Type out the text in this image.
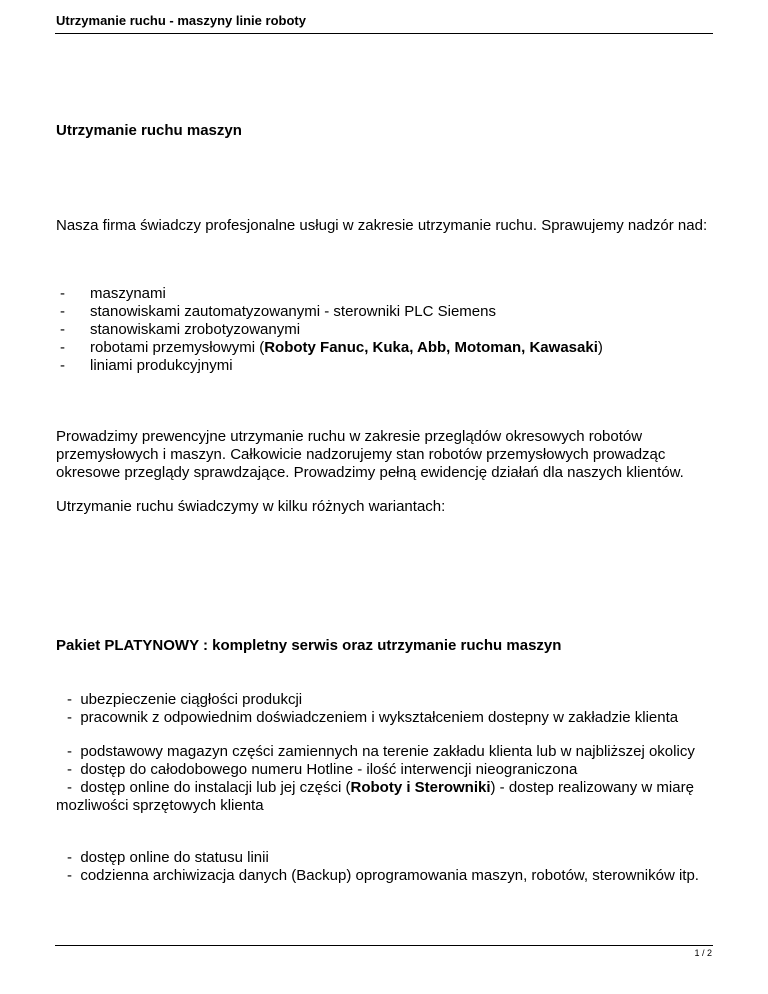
Utrzymanie ruchu - maszyny linie roboty
Utrzymanie ruchu maszyn

Nasza firma świadczy profesjonalne usługi w zakresie utrzymanie ruchu. Sprawujemy nadzór nad:

- maszynami
- stanowiskami zautomatyzowanymi - sterowniki PLC Siemens
- stanowiskami zrobotyzowanymi
- robotami przemysłowymi (Roboty Fanuc, Kuka, Abb, Motoman, Kawasaki)
- liniami produkcyjnymi

Prowadzimy prewencyjne utrzymanie ruchu w zakresie przeglądów okresowych robotów przemysłowych i maszyn. Całkowicie nadzorujemy stan robotów przemysłowych prowadząc okresowe przeglądy sprawdzające. Prowadzimy pełną ewidencję działań dla naszych klientów.

Utrzymanie ruchu świadczymy w kilku różnych wariantach:

Pakiet PLATYNOWY : kompletny serwis oraz utrzymanie ruchu maszyn
- ubezpieczenie ciągłości produkcji
- pracownik z odpowiednim doświadczeniem i wykształceniem dostepny w zakładzie klienta
- podstawowy magazyn części zamiennych na terenie zakładu klienta lub w najbliższej okolicy
- dostęp do całodobowego numeru Hotline - ilość interwencji nieograniczona
- dostęp online do instalacji lub jej części (Roboty i Sterowniki) - dostep realizowany w miarę mozliwości sprzętowych klienta
- dostęp online do statusu linii
- codzienna archiwizacja danych (Backup) oprogramowania maszyn, robotów, sterowników itp.
1 / 2
